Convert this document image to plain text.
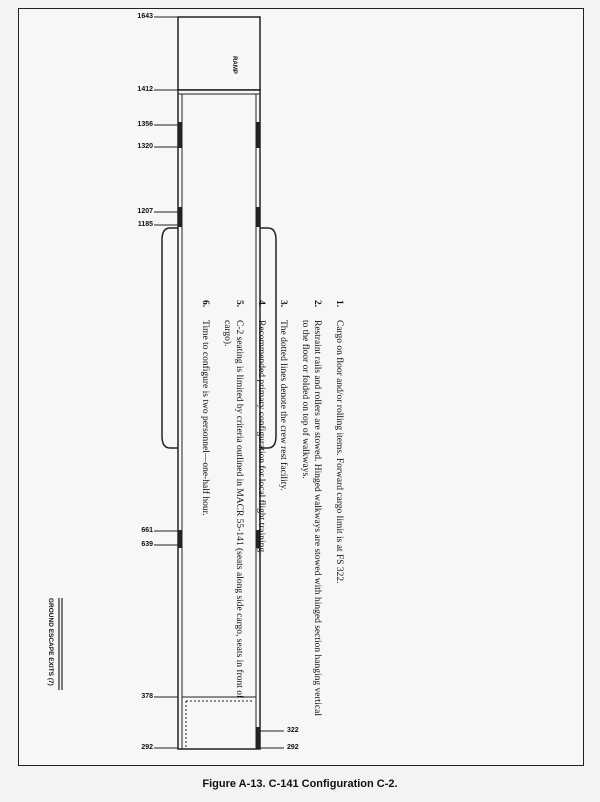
1643
1412
1356
1320
1207
1185
661
639
378
292
322
292
RAMP
GROUND ESCAPE EXITS (7)
1.
Cargo on floor and/or rolling items. Forward cargo limit is at FS 322.
2.
Restraint rails and rollers are stowed. Hinged walkways are stowed with hinged section hanging vertical to the floor or folded on top of walkways.
3.
The dotted lines denote the crew rest facility.
4.
Recommended primary configuration for local flight training.
5.
C-2 seating is limited by criteria outlined in MACR 55-141 (seats along side cargo, seats in front of cargo).
6.
Time to configure is two personnel—one-half hour.
Figure A-13. C-141 Configuration C-2.
